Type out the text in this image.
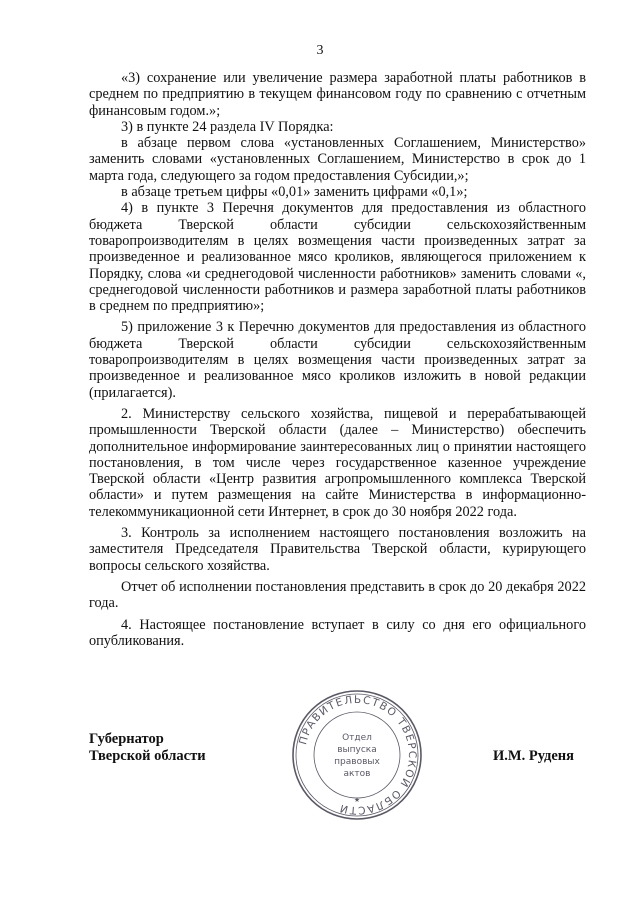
3

«3) сохранение или увеличение размера заработной платы работников в среднем по предприятию в текущем финансовом году по сравнению с отчетным финансовым годом.»;

3) в пункте 24 раздела IV Порядка:

в абзаце первом слова «установленных Соглашением, Министерство» заменить словами «установленных Соглашением, Министерство в срок до 1 марта года, следующего за годом предоставления Субсидии,»;

в абзаце третьем цифры «0,01» заменить цифрами «0,1»;

4) в пункте 3 Перечня документов для предоставления из областного бюджета Тверской области субсидии сельскохозяйственным товаропроизводителям в целях возмещения части произведенных затрат за произведенное и реализованное мясо кроликов, являющегося приложением к Порядку, слова «и среднегодовой численности работников» заменить словами «, среднегодовой численности работников и размера заработной платы работников в среднем по предприятию»;

5) приложение 3 к Перечню документов для предоставления из областного бюджета Тверской области субсидии сельскохозяйственным товаропроизводителям в целях возмещения части произведенных затрат за произведенное и реализованное мясо кроликов изложить в новой редакции (прилагается).

2. Министерству сельского хозяйства, пищевой и перерабатывающей промышленности Тверской области (далее – Министерство) обеспечить дополнительное информирование заинтересованных лиц о принятии настоящего постановления, в том числе через государственное казенное учреждение Тверской области «Центр развития агропромышленного комплекса Тверской области» и путем размещения на сайте Министерства в информационно-телекоммуникационной сети Интернет, в срок до 30 ноября 2022 года.

3. Контроль за исполнением настоящего постановления возложить на заместителя Председателя Правительства Тверской области, курирующего вопросы сельского хозяйства.

Отчет об исполнении постановления представить в срок до 20 декабря 2022 года.

4. Настоящее постановление вступает в силу со дня его официального опубликования.

Губернатор
Тверской области	И.М. Руденя
ПРАВИТЕЛЬСТВО ТВЕРСКОЙ ОБЛАСТИ
★
Отдел
выпуска
правовых
актов
